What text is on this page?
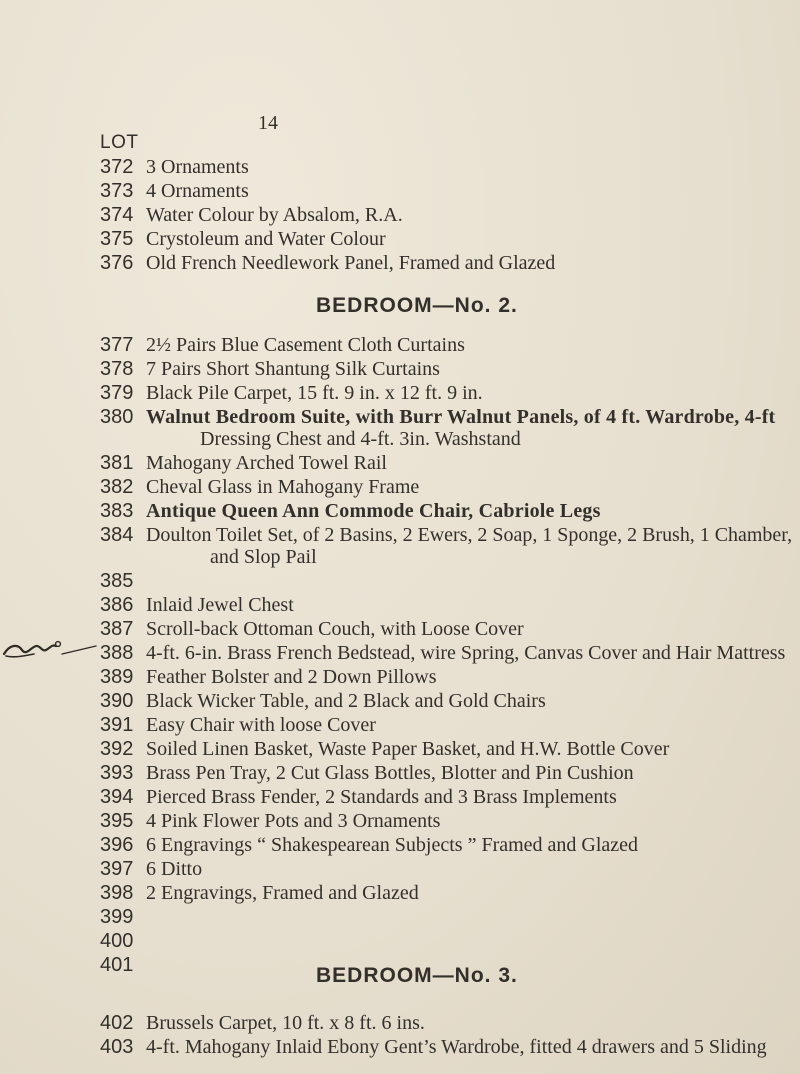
14
LOT
372
373
374
375
376
377
378
379
380
381
382
383
384
385
386
387
388
389
390
391
392
393
394
395
396
397
398
399
400
401
402
403
3 Ornaments
4 Ornaments
Water Colour by Absalom, R.A.
Crystoleum and Water Colour
Old French Needlework Panel, Framed and Glazed
BEDROOM—No. 2.
2½ Pairs Blue Casement Cloth Curtains
7 Pairs Short Shantung Silk Curtains
Black Pile Carpet, 15 ft. 9 in. x 12 ft. 9 in.
Walnut Bedroom Suite, with Burr Walnut Panels, of 4 ft. Wardrobe, 4-ft
Dressing Chest and 4-ft. 3in. Washstand
Mahogany Arched Towel Rail
Cheval Glass in Mahogany Frame
Antique Queen Ann Commode Chair, Cabriole Legs
Doulton Toilet Set, of 2 Basins, 2 Ewers, 2 Soap, 1 Sponge, 2 Brush, 1 Chamber,
and Slop Pail
Inlaid Jewel Chest
Scroll-back Ottoman Couch, with Loose Cover
4-ft. 6-in. Brass French Bedstead, wire Spring, Canvas Cover and Hair Mattress
Feather Bolster and 2 Down Pillows
Black Wicker Table, and 2 Black and Gold Chairs
Easy Chair with loose Cover
Soiled Linen Basket, Waste Paper Basket, and H.W. Bottle Cover
Brass Pen Tray, 2 Cut Glass Bottles, Blotter and Pin Cushion
Pierced Brass Fender, 2 Standards and 3 Brass Implements
4 Pink Flower Pots and 3 Ornaments
6 Engravings “ Shakespearean Subjects ” Framed and Glazed
6 Ditto
2 Engravings, Framed and Glazed
BEDROOM—No. 3.
Brussels Carpet, 10 ft. x 8 ft. 6 ins.
4-ft. Mahogany Inlaid Ebony Gent’s Wardrobe, fitted 4 drawers and 5 Sliding
